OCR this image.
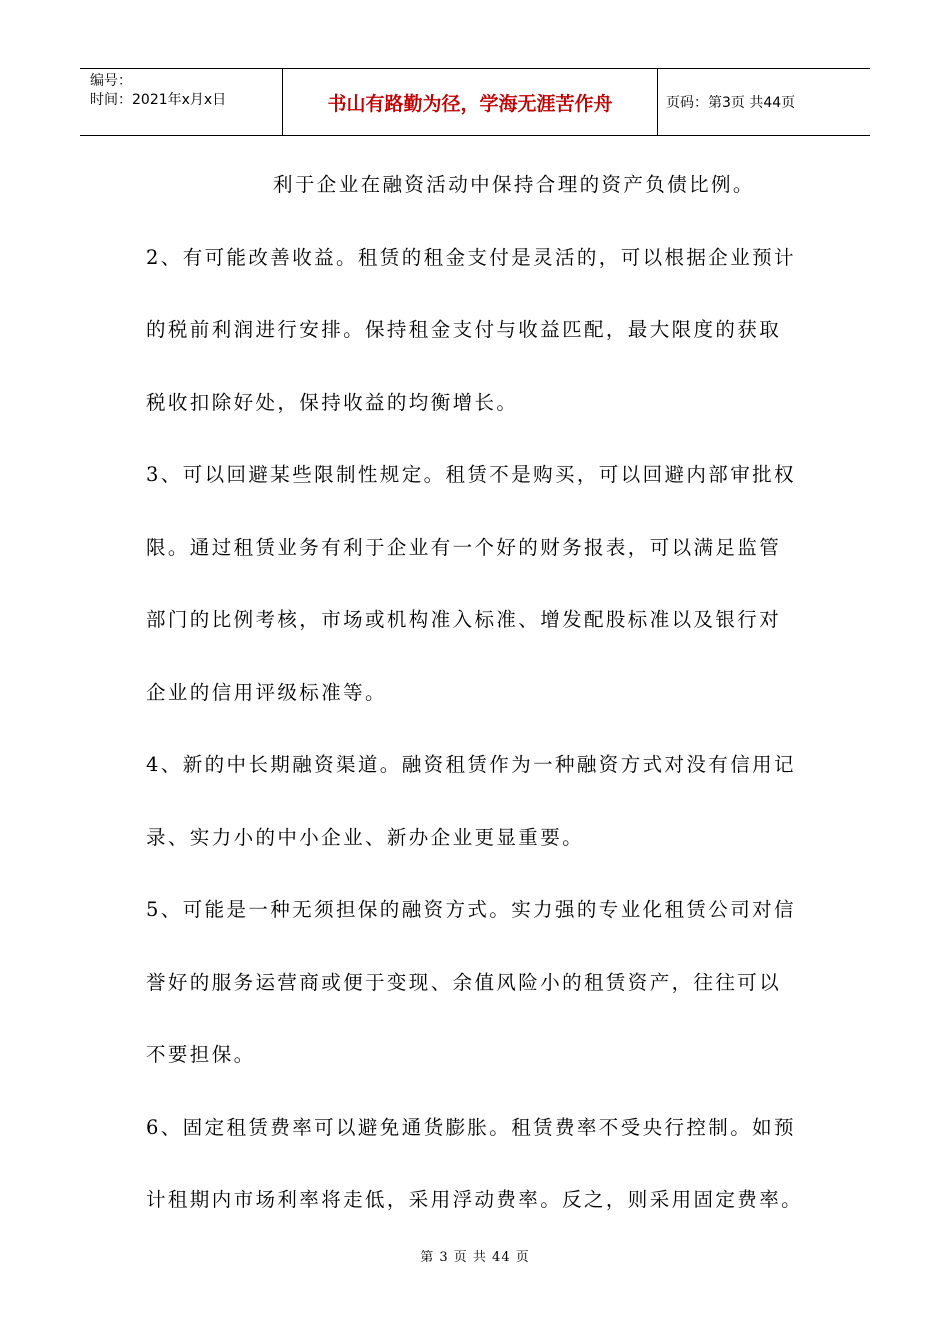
编号：
时间：2021年x月x日	书山有路勤为径，学海无涯苦作舟	页码：第3页 共44页
利于企业在融资活动中保持合理的资产负债比例。
2、有可能改善收益。租赁的租金支付是灵活的，可以根据企业预计
的税前利润进行安排。保持租金支付与收益匹配，最大限度的获取
税收扣除好处，保持收益的均衡增长。
3、可以回避某些限制性规定。租赁不是购买，可以回避内部审批权
限。通过租赁业务有利于企业有一个好的财务报表，可以满足监管
部门的比例考核，市场或机构准入标准、增发配股标准以及银行对
企业的信用评级标准等。
4、新的中长期融资渠道。融资租赁作为一种融资方式对没有信用记
录、实力小的中小企业、新办企业更显重要。
5、可能是一种无须担保的融资方式。实力强的专业化租赁公司对信
誉好的服务运营商或便于变现、余值风险小的租赁资产，往往可以
不要担保。
6、固定租赁费率可以避免通货膨胀。租赁费率不受央行控制。如预
计租期内市场利率将走低，采用浮动费率。反之，则采用固定费率。
第 3 页 共 44 页
